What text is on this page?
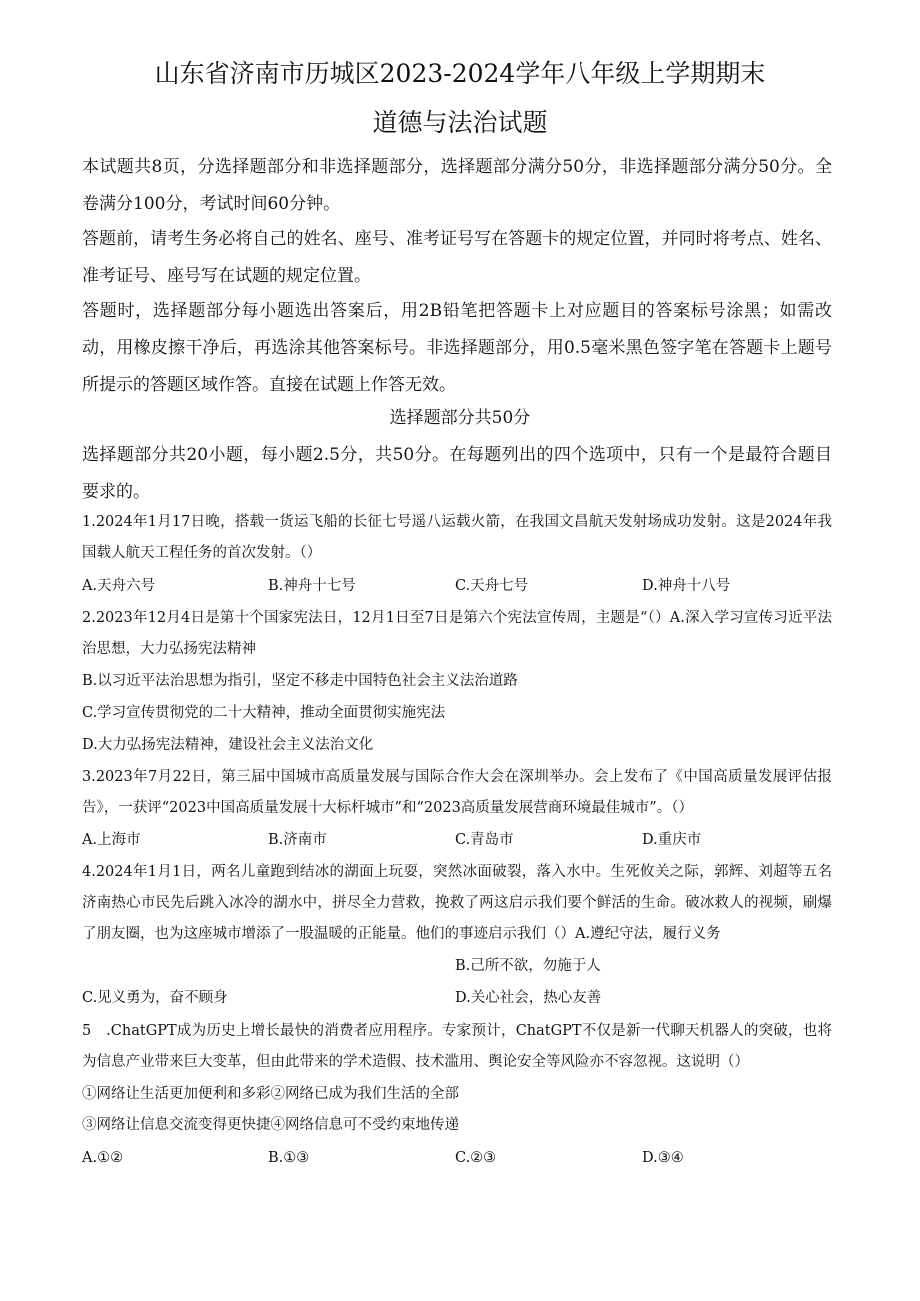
山东省济南市历城区2023-2024学年八年级上学期期末
道德与法治试题
本试题共8页，分选择题部分和非选择题部分，选择题部分满分50分，非选择题部分满分50分。全卷满分100分，考试时间60分钟。
答题前，请考生务必将自己的姓名、座号、准考证号写在答题卡的规定位置，并同时将考点、姓名、准考证号、座号写在试题的规定位置。
答题时，选择题部分每小题选出答案后，用2B铅笔把答题卡上对应题目的答案标号涂黑；如需改动，用橡皮擦干净后，再选涂其他答案标号。非选择题部分，用0.5毫米黑色签字笔在答题卡上题号所提示的答题区域作答。直接在试题上作答无效。
选择题部分共50分
选择题部分共20小题，每小题2.5分，共50分。在每题列出的四个选项中，只有一个是最符合题目要求的。
1.2024年1月17日晚，搭载一货运飞船的长征七号遥八运载火箭，在我国文昌航天发射场成功发射。这是2024年我国载人航天工程任务的首次发射。（）
A.天舟六号	B.神舟十七号	C.天舟七号	D.神舟十八号
2.2023年12月4日是第十个国家宪法日，12月1日至7日是第六个宪法宣传周，主题是“（）A.深入学习宣传习近平法治思想，大力弘扬宪法精神
B.以习近平法治思想为指引，坚定不移走中国特色社会主义法治道路
C.学习宣传贯彻党的二十大精神，推动全面贯彻实施宪法
D.大力弘扬宪法精神，建设社会主义法治文化
3.2023年7月22日，第三届中国城市高质量发展与国际合作大会在深圳举办。会上发布了《中国高质量发展评估报告》，一获评“2023中国高质量发展十大标杆城市”和“2023高质量发展营商环境最佳城市”。（）
A.上海市	B.济南市	C.青岛市	D.重庆市
4.2024年1月1日，两名儿童跑到结冰的湖面上玩耍，突然冰面破裂，落入水中。生死攸关之际，郭辉、刘超等五名济南热心市民先后跳入冰冷的湖水中，拼尽全力营救，挽救了两这启示我们要个鲜活的生命。破冰救人的视频，刷爆了朋友圈，也为这座城市增添了一股温暖的正能量。他们的事迹启示我们（）A.遵纪守法，履行义务
B.己所不欲，勿施于人
C.见义勇为，奋不顾身	D.关心社会，热心友善
5　.ChatGPT成为历史上增长最快的消费者应用程序。专家预计，ChatGPT不仅是新一代聊天机器人的突破，也将为信息产业带来巨大变革，但由此带来的学术造假、技术滥用、舆论安全等风险亦不容忽视。这说明（）
①网络让生活更加便利和多彩②网络已成为我们生活的全部
③网络让信息交流变得更快捷④网络信息可不受约束地传递
A.①②	B.①③	C.②③	D.③④
